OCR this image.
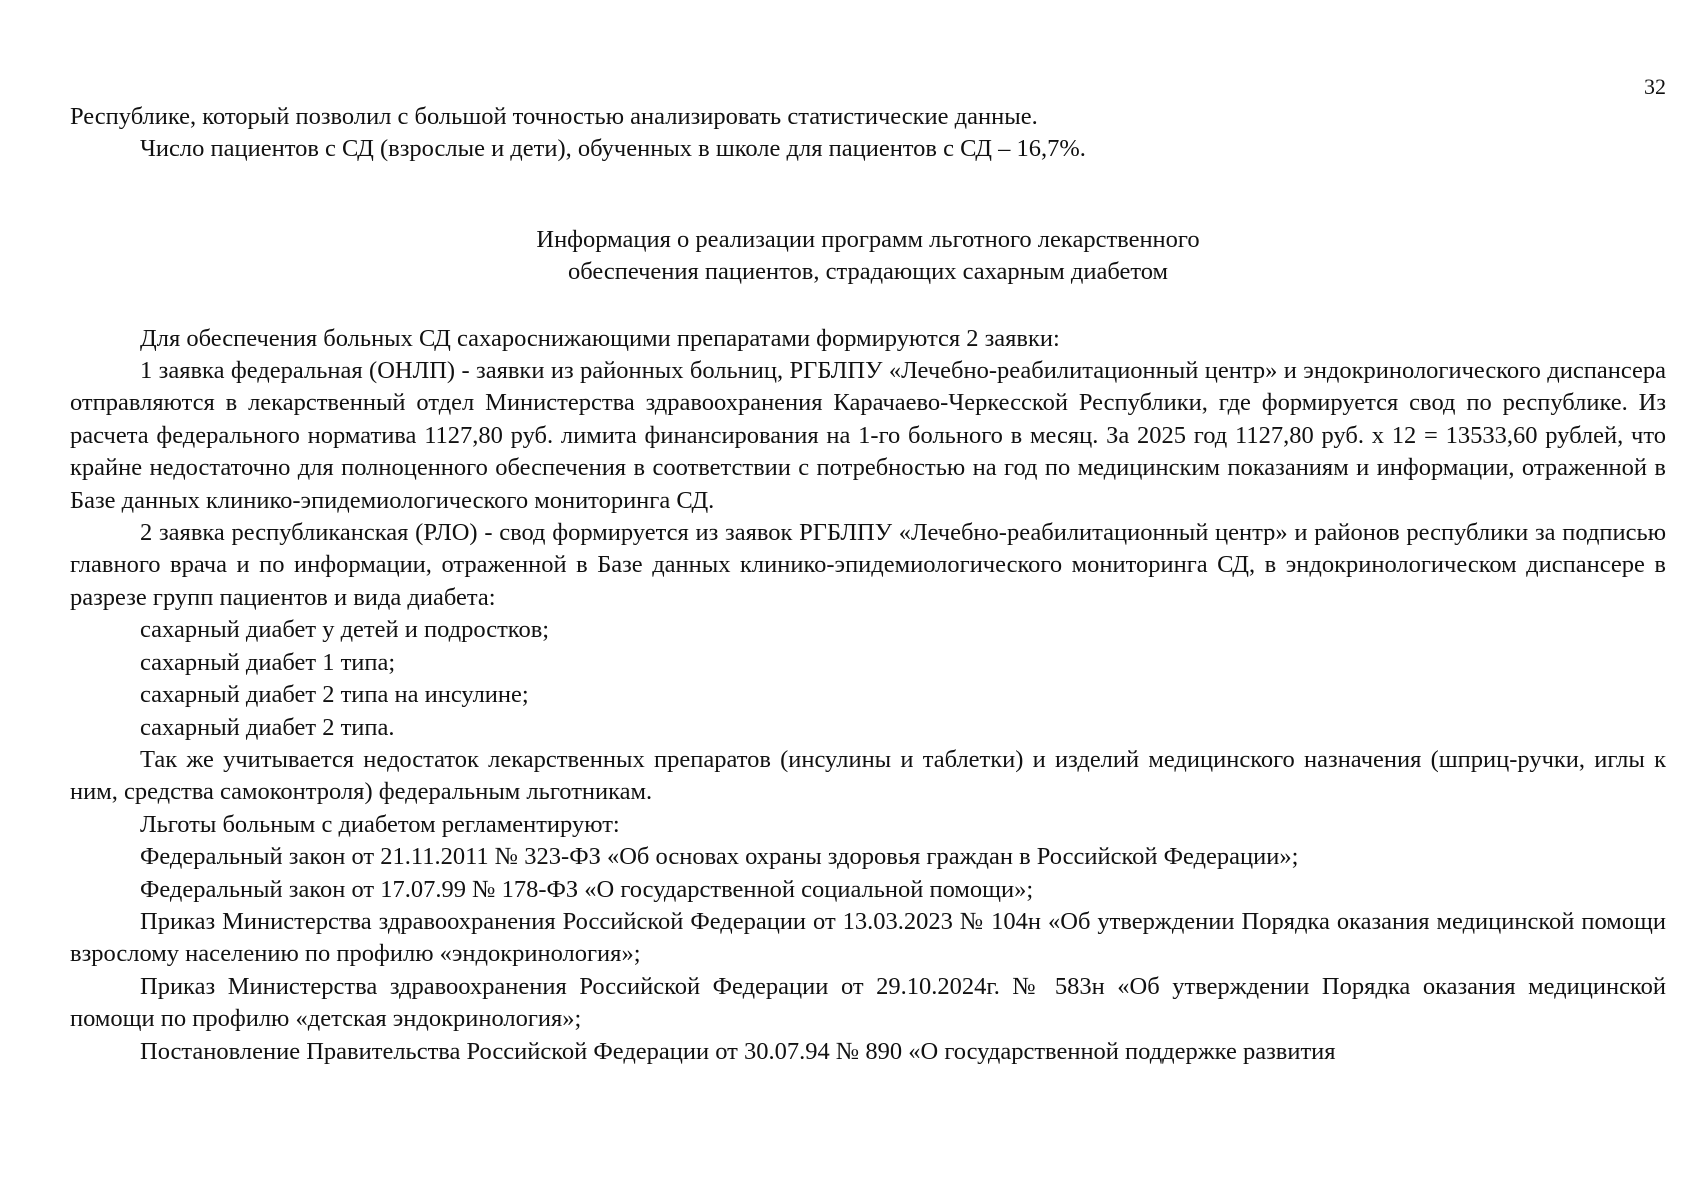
32

Республике, который позволил с большой точностью анализировать статистические данные.

Число пациентов с СД (взрослые и дети), обученных в школе для пациентов с СД – 16,7%.

Информация о реализации программ льготного лекарственного
обеспечения пациентов, страдающих сахарным диабетом

Для обеспечения больных СД сахароснижающими препаратами формируются 2 заявки:

1 заявка федеральная (ОНЛП) - заявки из районных больниц, РГБЛПУ «Лечебно-реабилитационный центр» и эндокринологического диспансера отправляются в лекарственный отдел Министерства здравоохранения Карачаево-Черкесской Республики, где формируется свод по республике. Из расчета федерального норматива 1127,80 руб. лимита финансирования на 1-го больного в месяц. За 2025 год 1127,80 руб. х 12 = 13533,60 рублей, что крайне недостаточно для полноценного обеспечения в соответствии с потребностью на год по медицинским показаниям и информации, отраженной в Базе данных клинико-эпидемиологического мониторинга СД.

2 заявка республиканская (РЛО) - свод формируется из заявок РГБЛПУ «Лечебно-реабилитационный центр» и районов республики за подписью главного врача и по информации, отраженной в Базе данных клинико-эпидемиологического мониторинга СД, в эндокринологическом диспансере в разрезе групп пациентов и вида диабета:

сахарный диабет у детей и подростков;

сахарный диабет 1 типа;

сахарный диабет 2 типа на инсулине;

сахарный диабет 2 типа.

Так же учитывается недостаток лекарственных препаратов (инсулины и таблетки) и изделий медицинского назначения (шприц-ручки, иглы к ним, средства самоконтроля) федеральным льготникам.

Льготы больным с диабетом регламентируют:

Федеральный закон от 21.11.2011 № 323-ФЗ «Об основах охраны здоровья граждан в Российской Федерации»;

Федеральный закон от 17.07.99 № 178-ФЗ «О государственной социальной помощи»;

Приказ Министерства здравоохранения Российской Федерации от 13.03.2023 № 104н «Об утверждении Порядка оказания медицинской помощи взрослому населению по профилю «эндокринология»;

Приказ Министерства здравоохранения Российской Федерации от 29.10.2024г. № 583н «Об утверждении Порядка оказания медицинской помощи по профилю «детская эндокринология»;

Постановление Правительства Российской Федерации от 30.07.94 № 890 «О государственной поддержке развития
